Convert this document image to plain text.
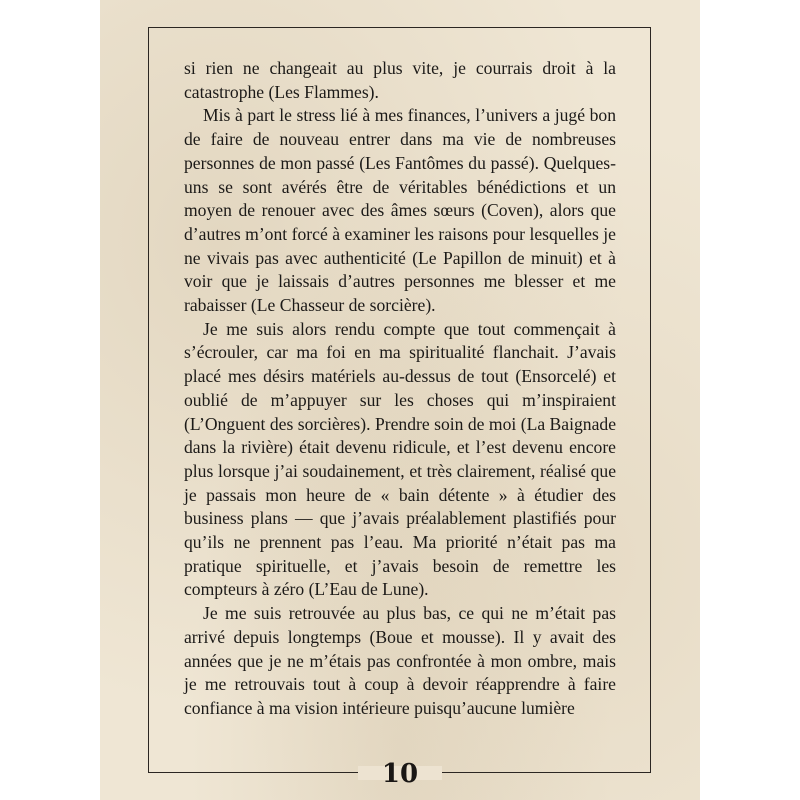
si rien ne changeait au plus vite, je courrais droit à la catastrophe (Les Flammes).

Mis à part le stress lié à mes finances, l’univers a jugé bon de faire de nouveau entrer dans ma vie de nombreuses personnes de mon passé (Les Fantômes du passé). Quelques-uns se sont avérés être de véritables bénédictions et un moyen de renouer avec des âmes sœurs (Coven), alors que d’autres m’ont forcé à examiner les raisons pour lesquelles je ne vivais pas avec authenticité (Le Papillon de minuit) et à voir que je laissais d’autres personnes me blesser et me rabaisser (Le Chasseur de sorcière).

Je me suis alors rendu compte que tout commençait à s’écrouler, car ma foi en ma spiritualité flanchait. J’avais placé mes désirs matériels au-dessus de tout (Ensorcelé) et oublié de m’appuyer sur les choses qui m’inspiraient (L’Onguent des sorcières). Prendre soin de moi (La Baignade dans la rivière) était devenu ridicule, et l’est devenu encore plus lorsque j’ai soudainement, et très clairement, réalisé que je passais mon heure de « bain détente » à étudier des business plans — que j’avais préalablement plastifiés pour qu’ils ne prennent pas l’eau. Ma priorité n’était pas ma pratique spirituelle, et j’avais besoin de remettre les compteurs à zéro (L’Eau de Lune).

Je me suis retrouvée au plus bas, ce qui ne m’était pas arrivé depuis longtemps (Boue et mousse). Il y avait des années que je ne m’étais pas confrontée à mon ombre, mais je me retrouvais tout à coup à devoir réapprendre à faire confiance à ma vision intérieure puisqu’aucune lumière

10
